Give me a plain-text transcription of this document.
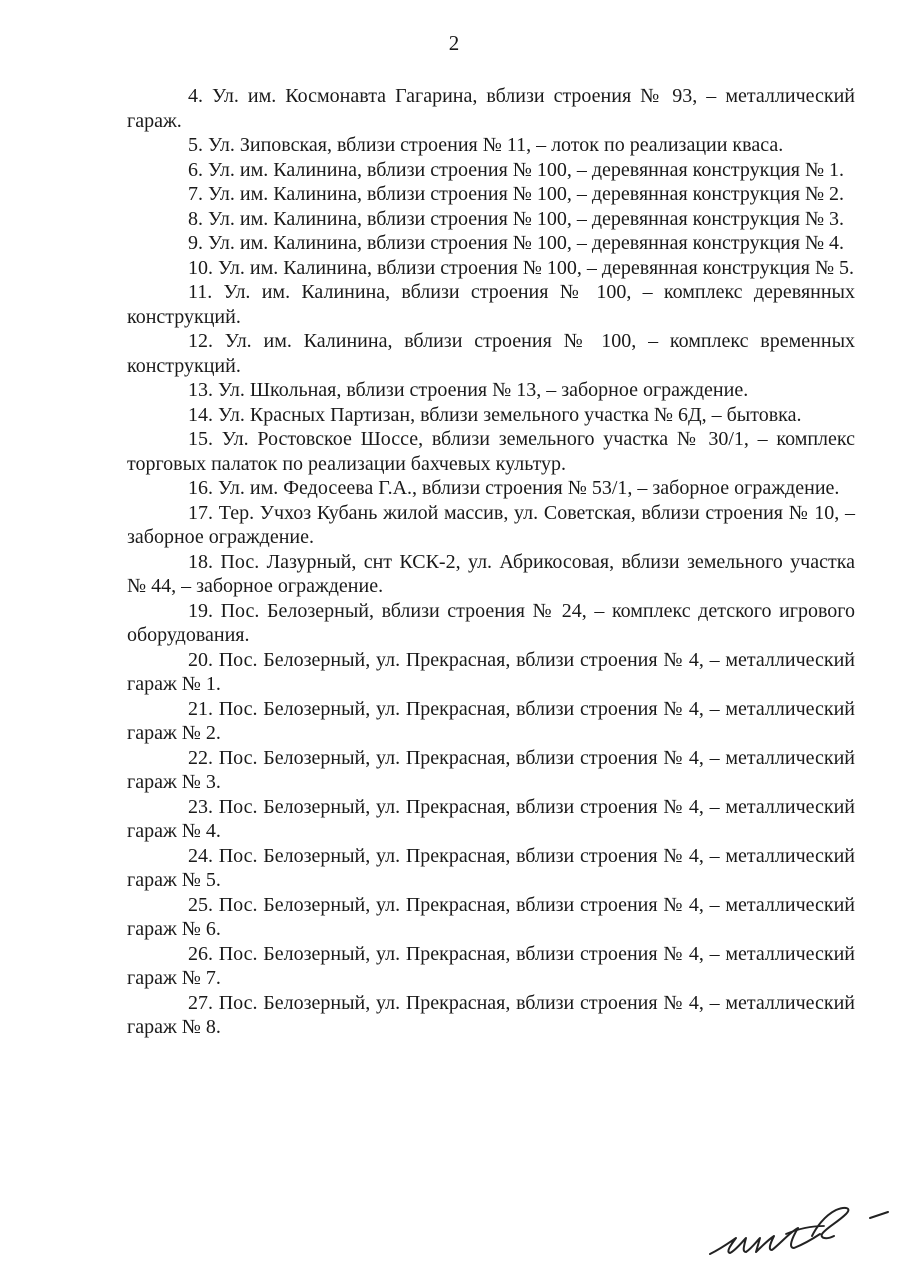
2
4. Ул. им. Космонавта Гагарина, вблизи строения № 93, – металлический гараж.
5. Ул. Зиповская, вблизи строения № 11, – лоток по реализации кваса.
6. Ул. им. Калинина, вблизи строения № 100, – деревянная конструкция № 1.
7. Ул. им. Калинина, вблизи строения № 100, – деревянная конструкция № 2.
8. Ул. им. Калинина, вблизи строения № 100, – деревянная конструкция № 3.
9. Ул. им. Калинина, вблизи строения № 100, – деревянная конструкция № 4.
10. Ул. им. Калинина, вблизи строения № 100, – деревянная конструкция № 5.
11. Ул. им. Калинина, вблизи строения № 100, – комплекс деревянных конструкций.
12. Ул. им. Калинина, вблизи строения № 100, – комплекс временных конструкций.
13. Ул. Школьная, вблизи строения № 13, – заборное ограждение.
14. Ул. Красных Партизан, вблизи земельного участка № 6Д, – бытовка.
15. Ул. Ростовское Шоссе, вблизи земельного участка № 30/1, – комплекс торговых палаток по реализации бахчевых культур.
16. Ул. им. Федосеева Г.А., вблизи строения № 53/1, – заборное ограждение.
17. Тер. Учхоз Кубань жилой массив, ул. Советская, вблизи строения № 10, – заборное ограждение.
18. Пос. Лазурный, снт КСК-2, ул. Абрикосовая, вблизи земельного участка № 44, – заборное ограждение.
19. Пос. Белозерный, вблизи строения № 24, – комплекс детского игрового оборудования.
20. Пос. Белозерный, ул. Прекрасная, вблизи строения № 4, – металлический гараж № 1.
21. Пос. Белозерный, ул. Прекрасная, вблизи строения № 4, – металлический гараж № 2.
22. Пос. Белозерный, ул. Прекрасная, вблизи строения № 4, – металлический гараж № 3.
23. Пос. Белозерный, ул. Прекрасная, вблизи строения № 4, – металлический гараж № 4.
24. Пос. Белозерный, ул. Прекрасная, вблизи строения № 4, – металлический гараж № 5.
25. Пос. Белозерный, ул. Прекрасная, вблизи строения № 4, – металлический гараж № 6.
26. Пос. Белозерный, ул. Прекрасная, вблизи строения № 4, – металлический гараж № 7.
27. Пос. Белозерный, ул. Прекрасная, вблизи строения № 4, – металлический гараж № 8.
